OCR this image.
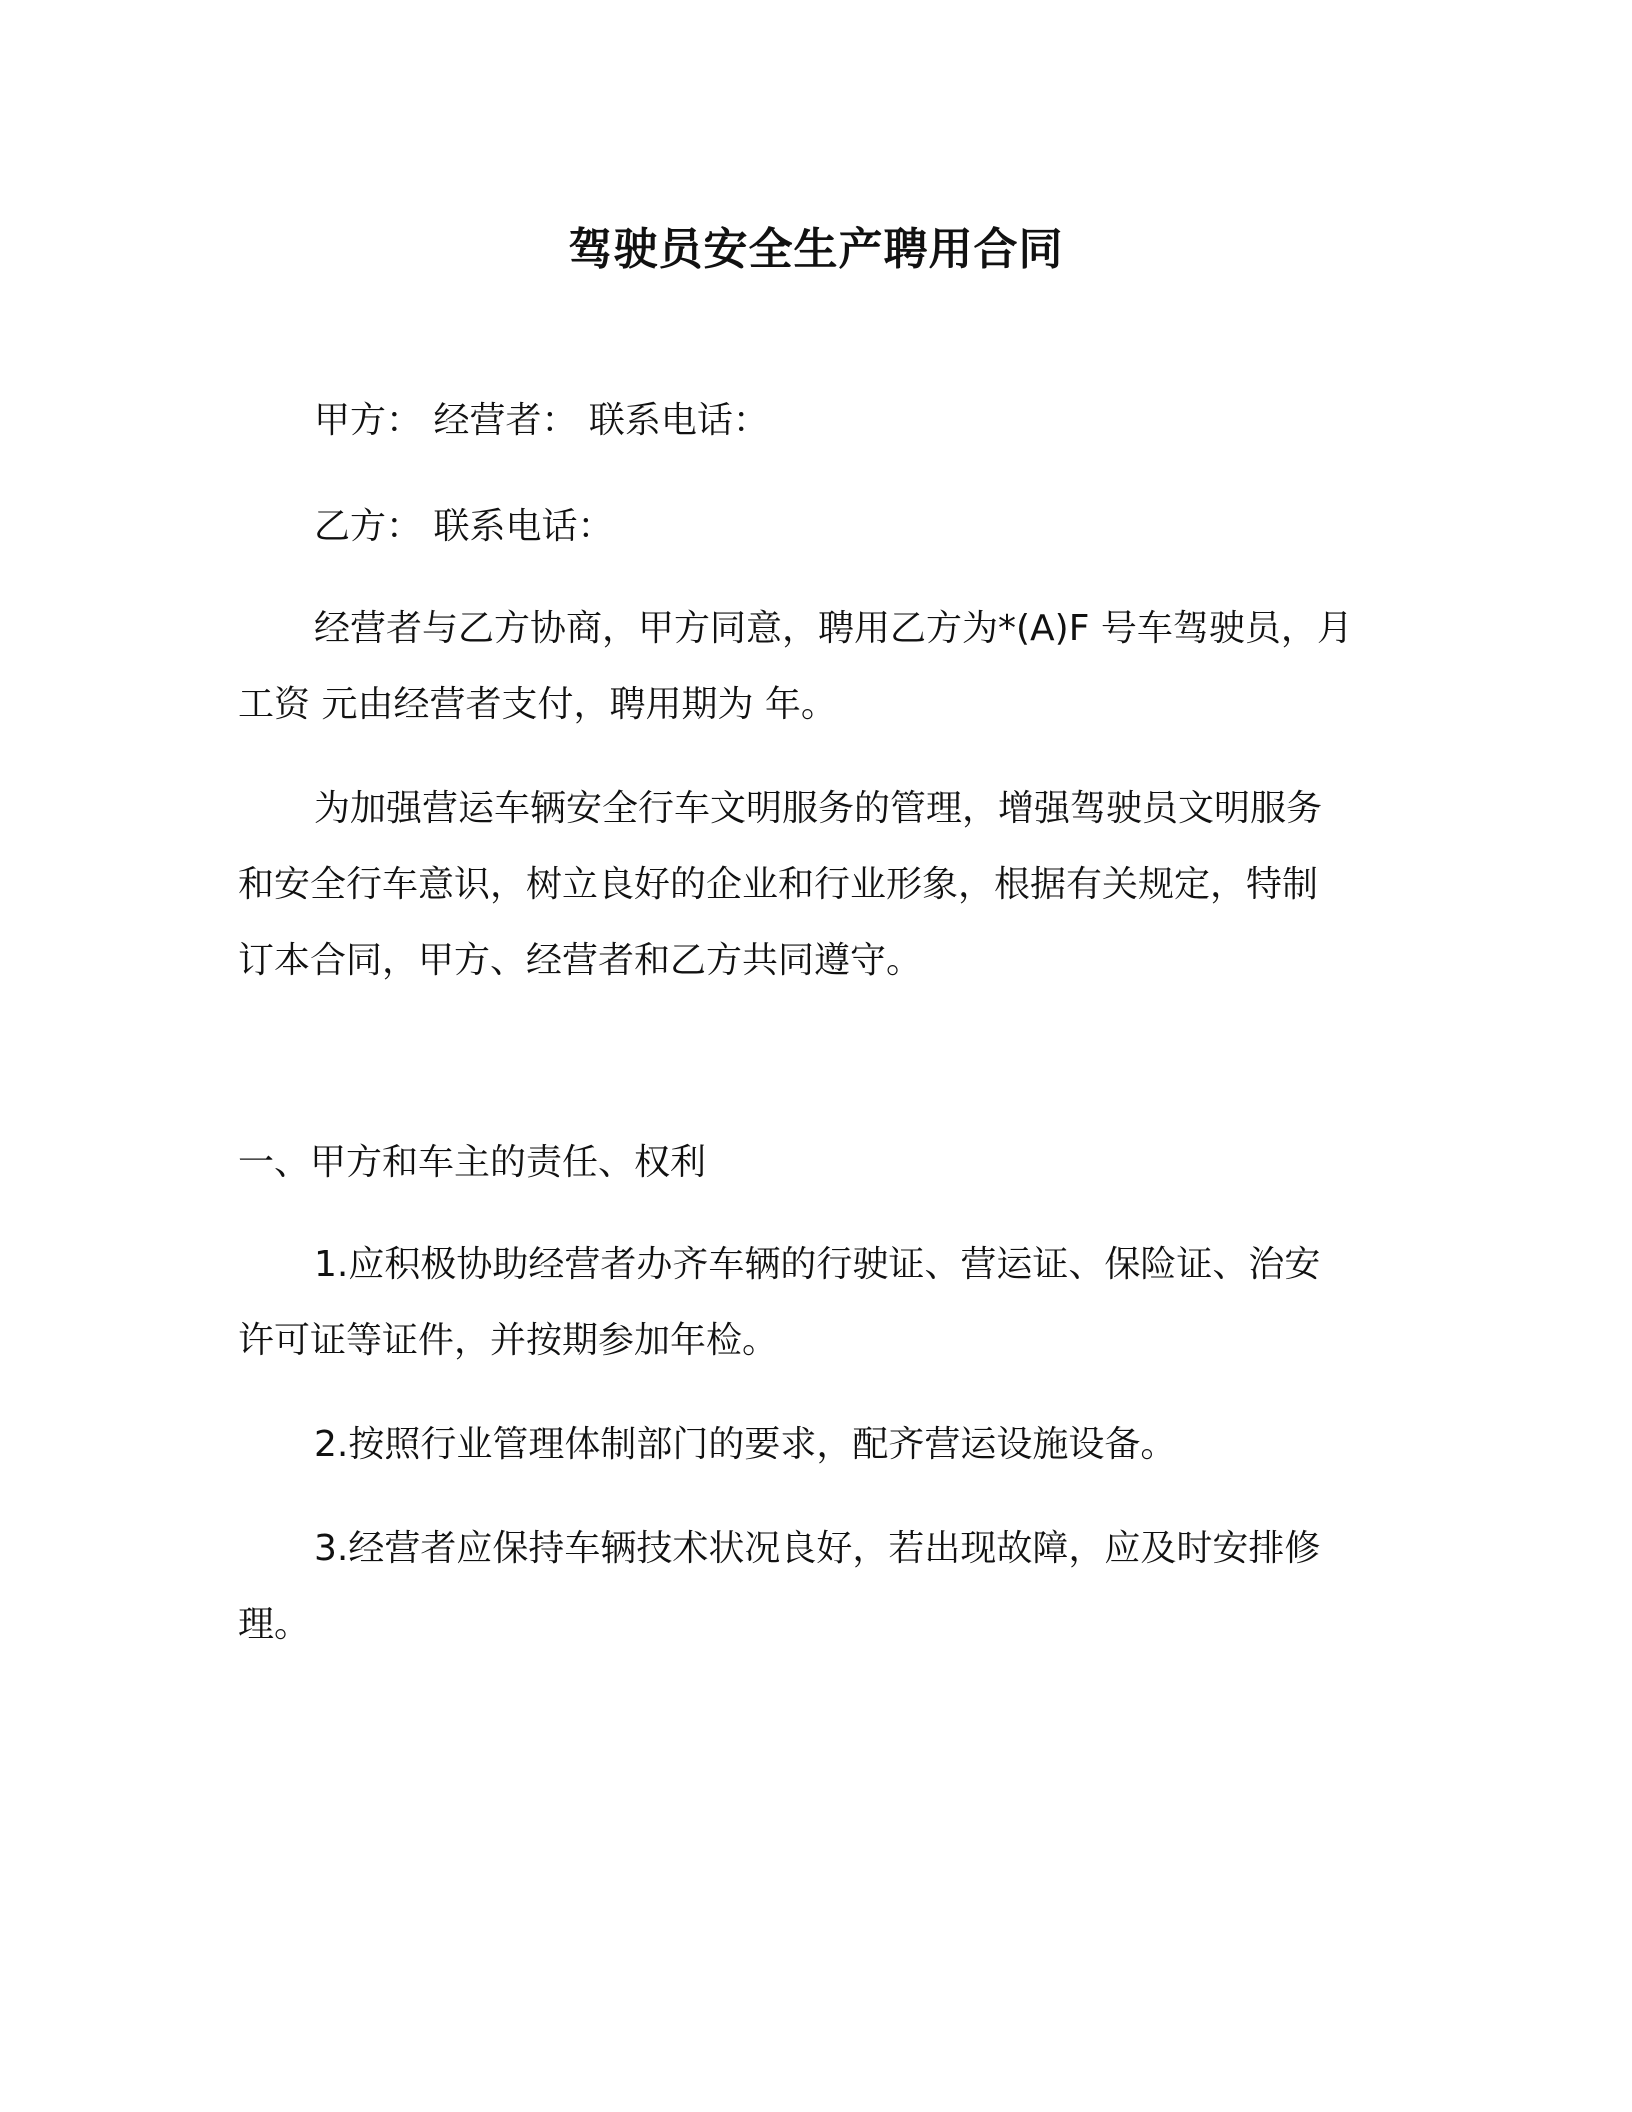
驾驶员安全生产聘用合同

甲方： 经营者： 联系电话：

乙方： 联系电话：

经营者与乙方协商，甲方同意，聘用乙方为*(A)F 号车驾驶员，月

工资 元由经营者支付，聘用期为 年。

为加强营运车辆安全行车文明服务的管理，增强驾驶员文明服务

和安全行车意识，树立良好的企业和行业形象，根据有关规定，特制

订本合同，甲方、经营者和乙方共同遵守。

一、甲方和车主的责任、权利

1.应积极协助经营者办齐车辆的行驶证、营运证、保险证、治安

许可证等证件，并按期参加年检。

2.按照行业管理体制部门的要求，配齐营运设施设备。

3.经营者应保持车辆技术状况良好，若出现故障，应及时安排修

理。
